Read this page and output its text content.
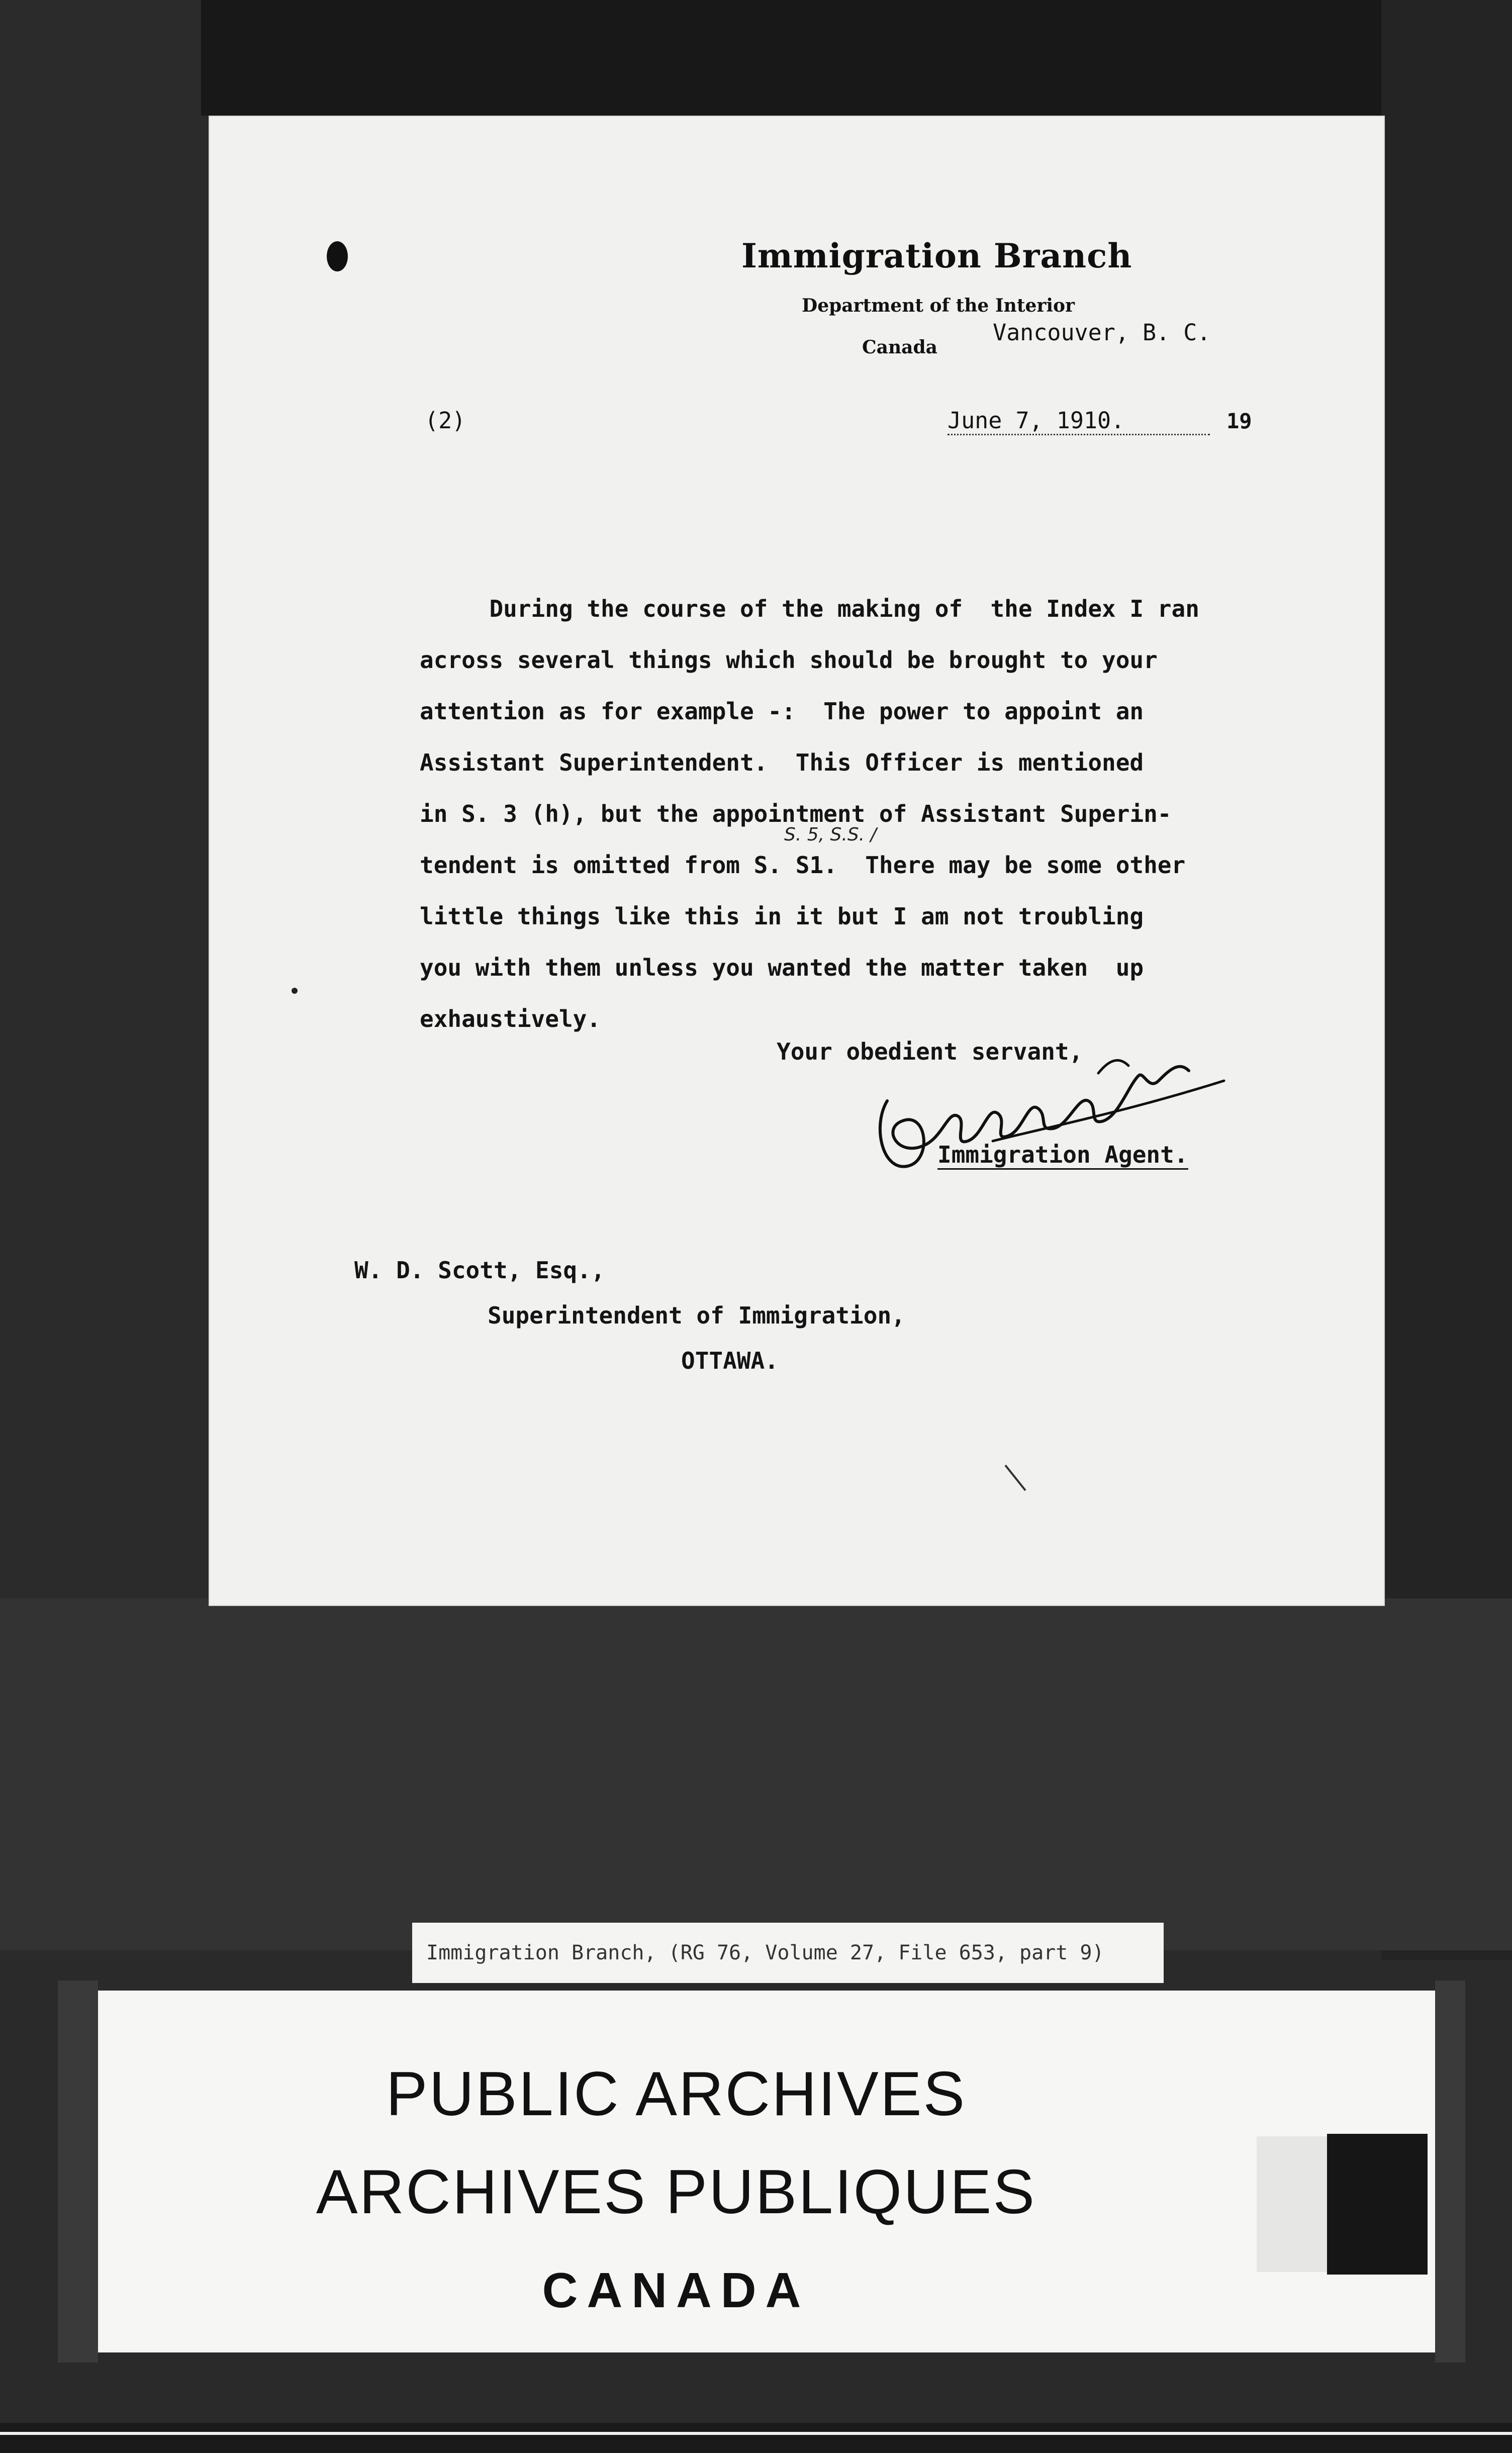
Immigration Branch
Department of the Interior
Canada
Vancouver, B. C.
(2)	June 7, 1910.	19
During the course of the making of  the Index I ran
across several things which should be brought to your
attention as for example -:  The power to appoint an
Assistant Superintendent.  This Officer is mentioned
in S. 3 (h), but the appointment of Assistant Superin-
tendent is omitted from S. S1.  There may be some other
little things like this in it but I am not troubling
you with them unless you wanted the matter taken  up
exhaustively.
S. 5, S.S. /
Your obedient servant,
Immigration Agent.
W. D. Scott, Esq.,
Superintendent of Immigration,
OTTAWA.
Immigration Branch, (RG 76, Volume 27, File 653, part 9)
PUBLIC ARCHIVES
ARCHIVES PUBLIQUES
CANADA
